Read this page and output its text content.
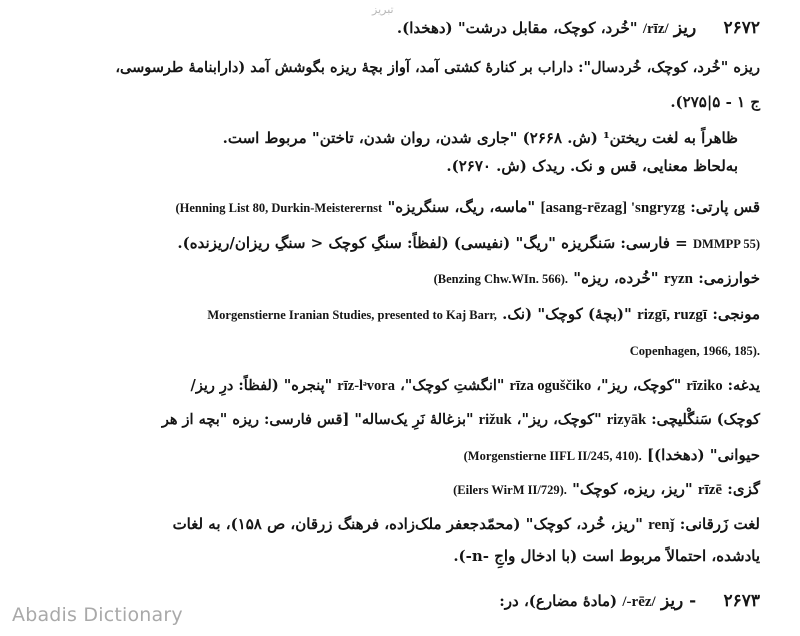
تبریز
۲۶۷۲ ریز /rīz/ "خُرد، کوچک، مقابل درشت" (دهخدا).
ریزه "خُرد، کوچک، خُردسال": داراب بر کنارهٔ کشتی آمد، آواز بچهٔ ریزه بگوشش آمد (دارابنامهٔ طرسوسی،
ج ۱ - ۵|۲۷۵).
ظاهراً به لغت ریختن¹ (ش. ۲۶۶۸) "جاری شدن، روان شدن، تاختن" مربوط است.
به‌لحاظ معنایی، قس و نک. ریدک (ش. ۲۶۷۰).
قس پارتی: [asang-rēzag] 'sngryzg "ماسه، ریگ، سنگریزه" (Henning List 80, Durkin-Meisterernst
DMMPP 55) = فارسی: سَنگریزه "ریگ" (نفیسی) (لفظاً: سنگِ کوچک < سنگِ ریزان/ریزنده).
خوارزمی: ryzn "خُرده، ریزه" (Benzing Chw.WIn. 566).
مونجی: rizgī, ruzgī "(بچهٔ) کوچک" (نک. Morgenstierne Iranian Studies, presented to Kaj Barr,
Copenhagen, 1966, 185).
یدغه: rīziko "کوچک، ریز"، rīza oguščiko "انگشتِ کوچک"، rīz-lᵊvora "پنجره" (لفظاً: درِ ریز/
کوچک) سَنگْلیچی: rizyāk "کوچک، ریز"، rižuk "بزغالهٔ نَرِ یک‌ساله" [قس فارسی: ریزه "بچه از هر
حیوانی" (دهخدا)] (Morgenstierne IIFL II/245, 410).
گزی: rīzē "ریز، ریزه، کوچک" (Eilers WirM II/729).
لغت زَرقانی: renǰ "ریز، خُرد، کوچک" (محمّدجعفر ملک‌زاده، فرهنگ زرقان، ص ۱۵۸)، به لغات
یادشده، احتمالاً مربوط است (با ادخال واجِ -n-).
۲۶۷۳ - ریز /-rēz/ (مادهٔ مضارع)، در:
Abadis Dictionary
